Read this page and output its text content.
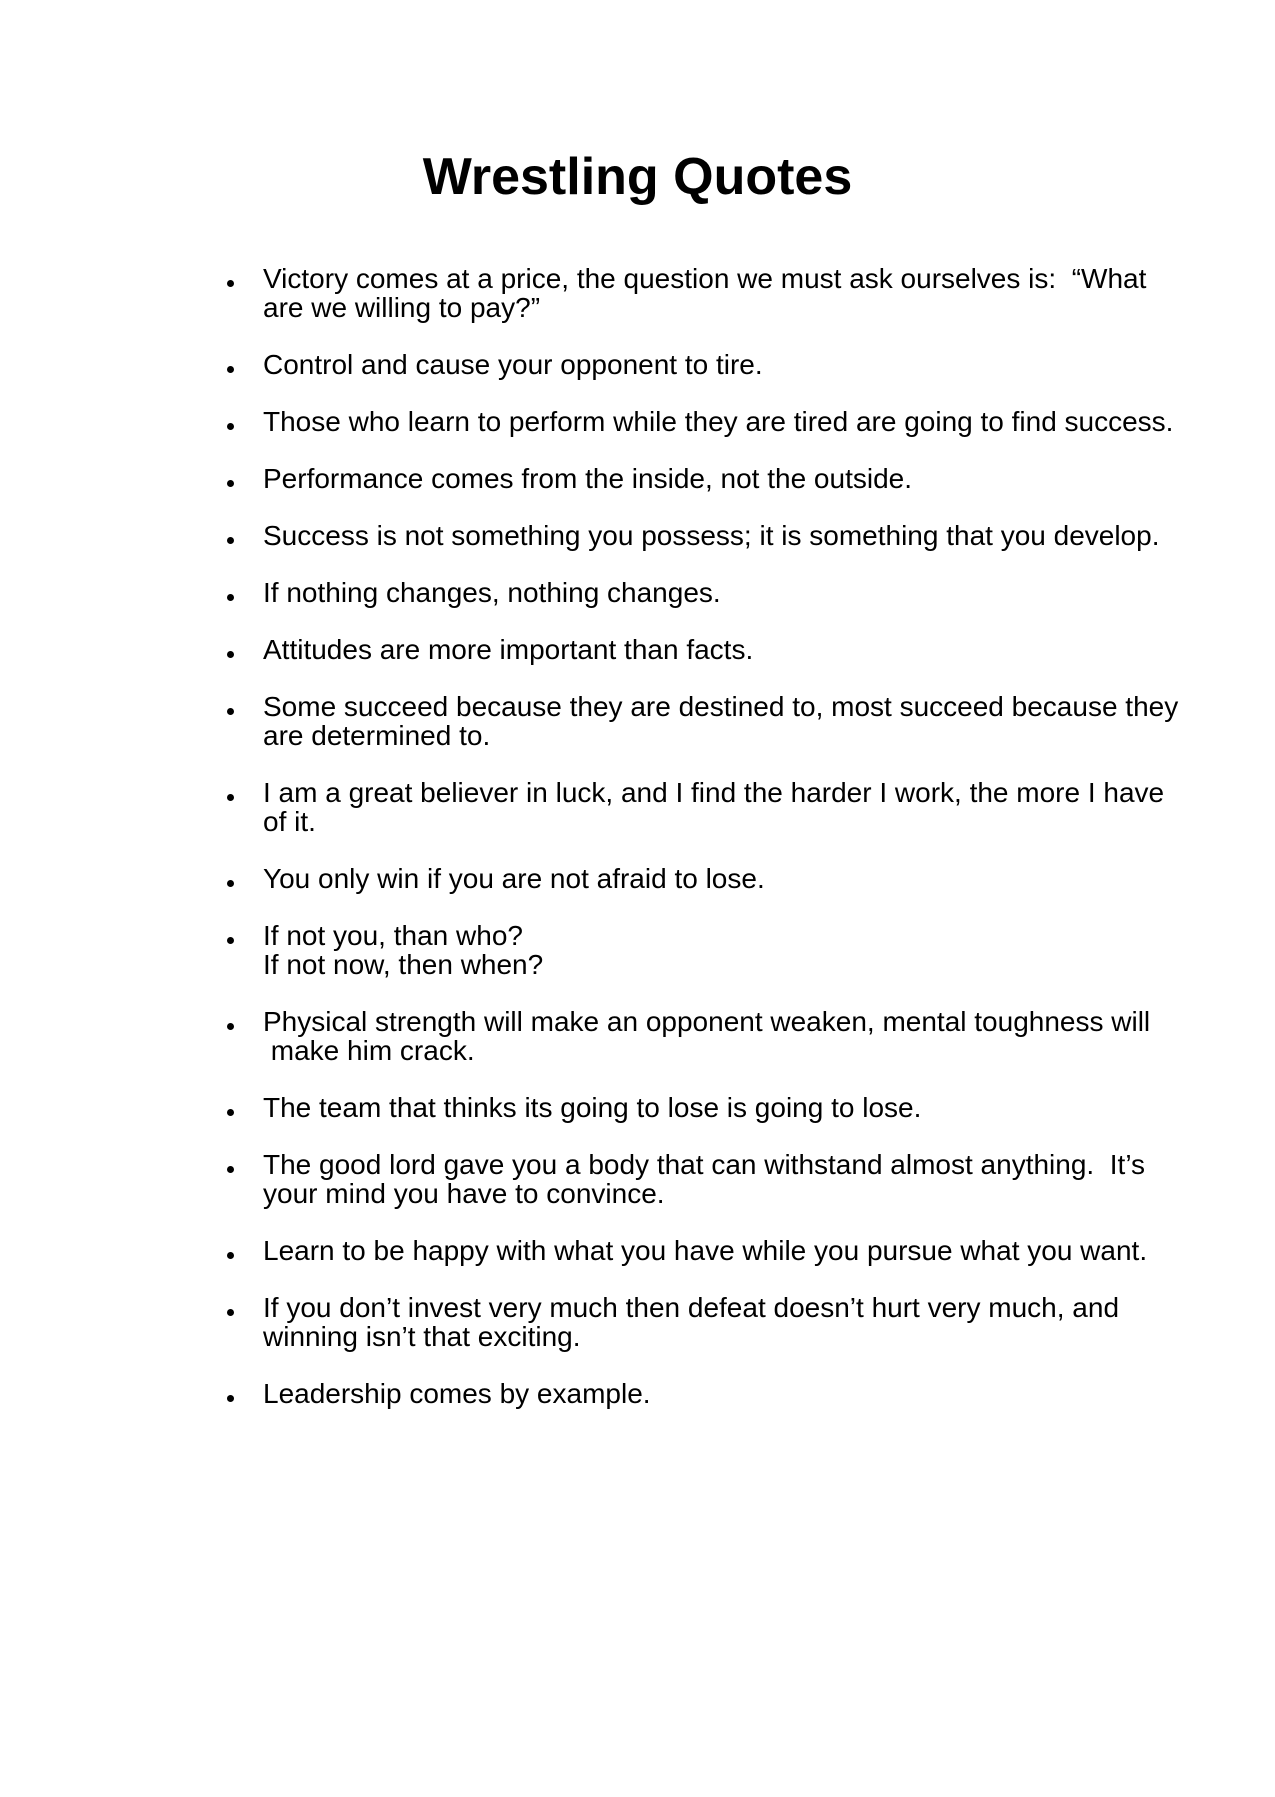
Wrestling Quotes
Victory comes at a price, the question we must ask ourselves is:  “What
are we willing to pay?”
Control and cause your opponent to tire.
Those who learn to perform while they are tired are going to find success.
Performance comes from the inside, not the outside.
Success is not something you possess; it is something that you develop.
If nothing changes, nothing changes.
Attitudes are more important than facts.
Some succeed because they are destined to, most succeed because they
are determined to.
I am a great believer in luck, and I find the harder I work, the more I have
of it.
You only win if you are not afraid to lose.
If not you, than who?
If not now, then when?
Physical strength will make an opponent weaken, mental toughness will
make him crack.
The team that thinks its going to lose is going to lose.
The good lord gave you a body that can withstand almost anything.  It’s
your mind you have to convince.
Learn to be happy with what you have while you pursue what you want.
If you don’t invest very much then defeat doesn’t hurt very much, and
winning isn’t that exciting.
Leadership comes by example.
